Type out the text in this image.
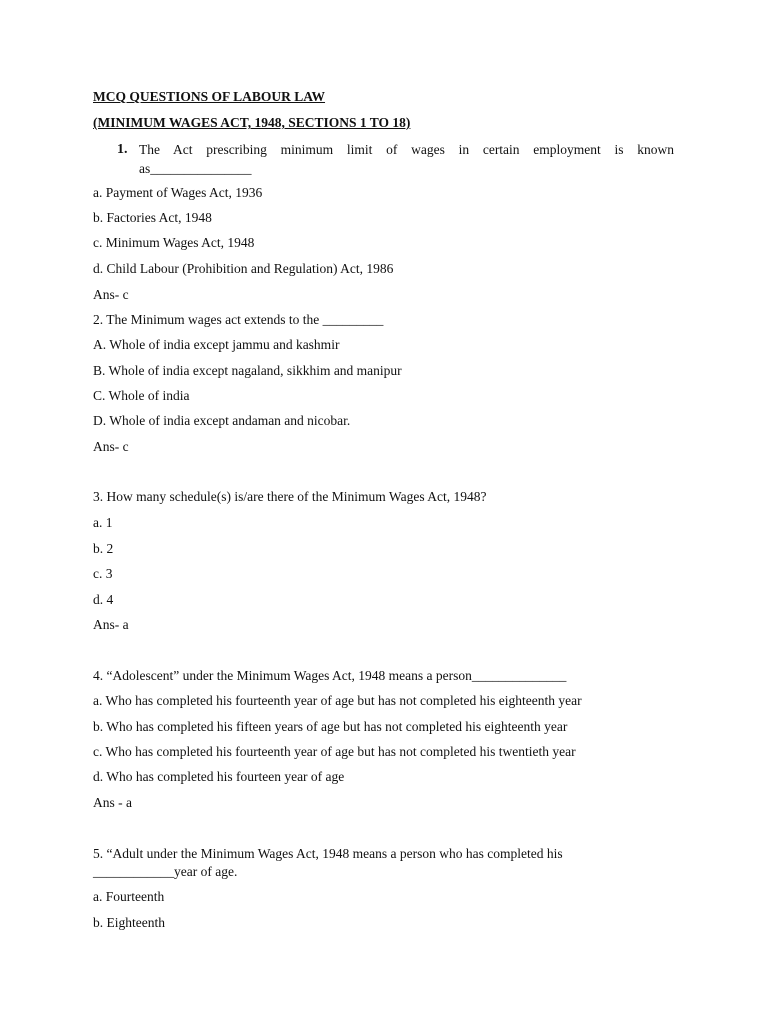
MCQ QUESTIONS OF LABOUR LAW
(MINIMUM WAGES ACT, 1948, SECTIONS 1 TO 18)
1. The Act prescribing minimum limit of wages in certain employment is known
as_______________
a. Payment of Wages Act, 1936
b. Factories Act, 1948
c. Minimum Wages Act, 1948
d. Child Labour (Prohibition and Regulation) Act, 1986
Ans- c
2. The Minimum wages act extends to the _________
A. Whole of india except jammu and kashmir
B. Whole of india except nagaland, sikkhim and manipur
C. Whole of india
D. Whole of india except andaman and nicobar.
Ans- c
3. How many schedule(s) is/are there of the Minimum Wages Act, 1948?
a. 1
b. 2
c. 3
d. 4
Ans- a
4. “Adolescent” under the Minimum Wages Act, 1948 means a person______________
a. Who has completed his fourteenth year of age but has not completed his eighteenth year
b. Who has completed his fifteen years of age but has not completed his eighteenth year
c. Who has completed his fourteenth year of age but has not completed his twentieth year
d. Who has completed his fourteen year of age
Ans - a
5. “Adult under the Minimum Wages Act, 1948 means a person who has completed his
____________year of age.
a. Fourteenth
b. Eighteenth
